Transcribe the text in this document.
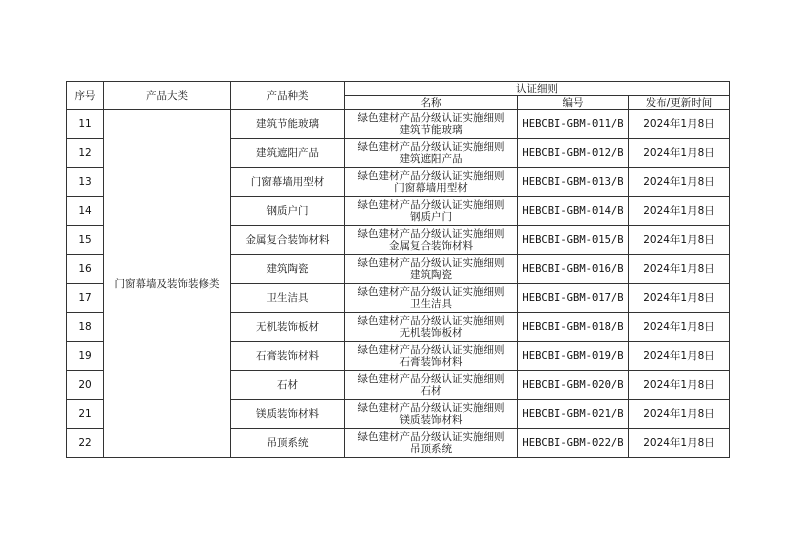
序号	产品大类	产品种类	认证细则		
			名称	编号	发布/更新时间
11	门窗幕墙及装饰装修类	建筑节能玻璃	绿色建材产品分级认证实施细则
建筑节能玻璃	HEBCBI-GBM-011/B	2024年1月8日
12		建筑遮阳产品	绿色建材产品分级认证实施细则
建筑遮阳产品	HEBCBI-GBM-012/B	2024年1月8日
13		门窗幕墙用型材	绿色建材产品分级认证实施细则
门窗幕墙用型材	HEBCBI-GBM-013/B	2024年1月8日
14		钢质户门	绿色建材产品分级认证实施细则
钢质户门	HEBCBI-GBM-014/B	2024年1月8日
15		金属复合装饰材料	绿色建材产品分级认证实施细则
金属复合装饰材料	HEBCBI-GBM-015/B	2024年1月8日
16		建筑陶瓷	绿色建材产品分级认证实施细则
建筑陶瓷	HEBCBI-GBM-016/B	2024年1月8日
17		卫生洁具	绿色建材产品分级认证实施细则
卫生洁具	HEBCBI-GBM-017/B	2024年1月8日
18		无机装饰板材	绿色建材产品分级认证实施细则
无机装饰板材	HEBCBI-GBM-018/B	2024年1月8日
19		石膏装饰材料	绿色建材产品分级认证实施细则
石膏装饰材料	HEBCBI-GBM-019/B	2024年1月8日
20		石材	绿色建材产品分级认证实施细则
石材	HEBCBI-GBM-020/B	2024年1月8日
21		镁质装饰材料	绿色建材产品分级认证实施细则
镁质装饰材料	HEBCBI-GBM-021/B	2024年1月8日
22		吊顶系统	绿色建材产品分级认证实施细则
吊顶系统	HEBCBI-GBM-022/B	2024年1月8日
